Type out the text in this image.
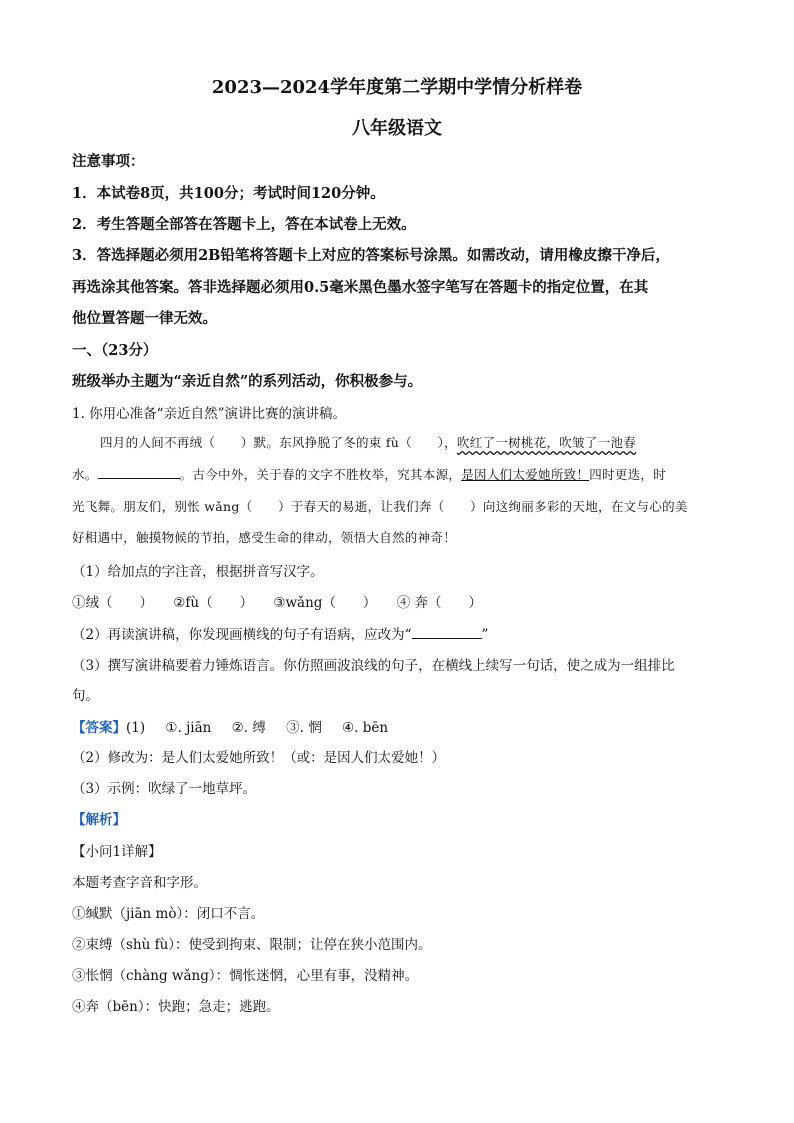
2023—2024学年度第二学期中学情分析样卷
八年级语文
注意事项：
1．本试卷8页，共100分；考试时间120分钟。
2．考生答题全部答在答题卡上，答在本试卷上无效。
3．答选择题必须用2B铅笔将答题卡上对应的答案标号涂黑。如需改动，请用橡皮擦干净后，
再选涂其他答案。答非选择题必须用0.5毫米黑色墨水签字笔写在答题卡的指定位置，在其
他位置答题一律无效。
一、（23分）
班级举办主题为“亲近自然”的系列活动，你积极参与。
1. 你用心准备“亲近自然”演讲比赛的演讲稿。
四月的人间不再绒（　　）默。东风挣脱了冬的束 fù（　　），吹红了一树桃花，吹皱了一池春
水。	。古今中外，关于春的文字不胜枚举，究其本源，是因人们太爱她所致！四时更迭，时
光飞舞。朋友们，别怅 wǎng（　　）于春天的易逝，让我们奔（　　）向这绚丽多彩的天地，在文与心的美
好相遇中，触摸物候的节拍，感受生命的律动，领悟大自然的神奇！
（1）给加点的字注音，根据拼音写汉字。
①绒（　　） ②fù（　　） ③wǎng（　　） ④ 奔（　　）
（2）再读演讲稿，你发现画横线的句子有语病，应改为“	”
（3）撰写演讲稿要着力锤炼语言。你仿照画波浪线的句子，在横线上续写一句话，使之成为一组排比
句。
【答案】(1) ①. jiān ②. 缚 ③. 惘 ④. bēn
（2）修改为：是人们太爱她所致！（或：是因人们太爱她！）
（3）示例：吹绿了一地草坪。
【解析】
【小问1详解】
本题考查字音和字形。
①缄默（jiān mò）：闭口不言。
②束缚（shù fù）：使受到拘束、限制；让停在狭小范围内。
③怅惘（chàng wǎng）：惆怅迷惘，心里有事，没精神。
④奔（bēn）：快跑；急走；逃跑。
